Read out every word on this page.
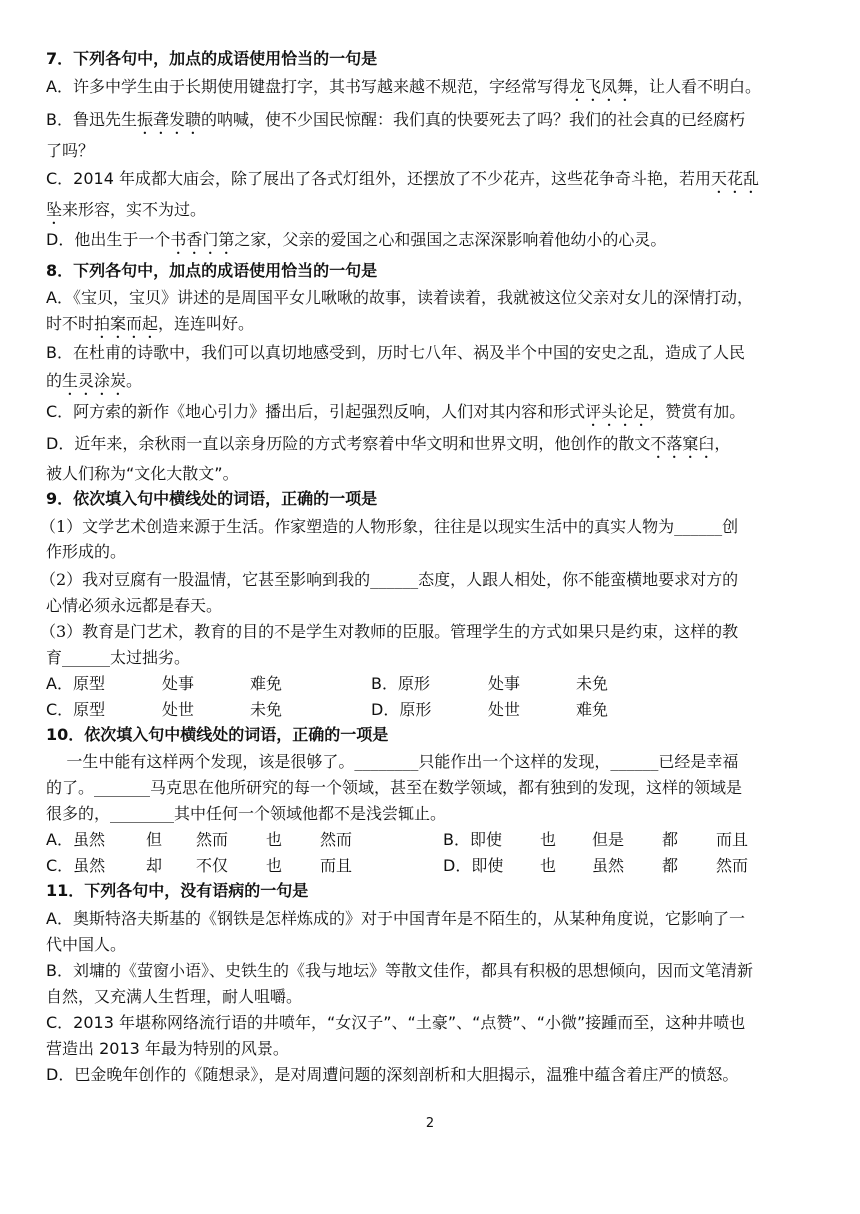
7．下列各句中，加点的成语使用恰当的一句是
A．许多中学生由于长期使用键盘打字，其书写越来越不规范，字经常写得龙飞凤舞，让人看不明白。
B．鲁迅先生振聋发聩的呐喊，使不少国民惊醒：我们真的快要死去了吗？我们的社会真的已经腐朽
了吗？
C．2014 年成都大庙会，除了展出了各式灯组外，还摆放了不少花卉，这些花争奇斗艳，若用天花乱
坠来形容，实不为过。
D．他出生于一个书香门第之家，父亲的爱国之心和强国之志深深影响着他幼小的心灵。
8．下列各句中，加点的成语使用恰当的一句是
A．《宝贝，宝贝》讲述的是周国平女儿啾啾的故事，读着读着，我就被这位父亲对女儿的深情打动，
时不时拍案而起，连连叫好。
B．在杜甫的诗歌中，我们可以真切地感受到，历时七八年、祸及半个中国的安史之乱，造成了人民
的生灵涂炭。
C．阿方索的新作《地心引力》播出后，引起强烈反响，人们对其内容和形式评头论足，赞赏有加。
D．近年来，余秋雨一直以亲身历险的方式考察着中华文明和世界文明，他创作的散文不落窠臼，
被人们称为“文化大散文”。
9．依次填入句中横线处的词语，正确的一项是
（1）文学艺术创造来源于生活。作家塑造的人物形象，往往是以现实生活中的真实人物为______创
作形成的。
（2）我对豆腐有一股温情，它甚至影响到我的______态度，人跟人相处，你不能蛮横地要求对方的
心情必须永远都是春天。
（3）教育是门艺术，教育的目的不是学生对教师的臣服。管理学生的方式如果只是约束，这样的教
育______太过拙劣。
A．原型	处事	难免	B．原形	处事	未免
C．原型	处世	未免	D．原形	处世	难免
10．依次填入句中横线处的词语，正确的一项是
一生中能有这样两个发现，该是很够了。________只能作出一个这样的发现，______已经是幸福
的了。_______马克思在他所研究的每一个领域，甚至在数学领域，都有独到的发现，这样的领域是
很多的，________其中任何一个领域他都不是浅尝辄止。
A．虽然	但 然而 也 然而	B．即使 也 但是 都 而且
C．虽然	却 不仅 也 而且	D．即使 也 虽然 都 然而
11．下列各句中，没有语病的一句是
A．奥斯特洛夫斯基的《钢铁是怎样炼成的》对于中国青年是不陌生的，从某种角度说，它影响了一
代中国人。
B．刘墉的《萤窗小语》、史铁生的《我与地坛》等散文佳作，都具有积极的思想倾向，因而文笔清新
自然，又充满人生哲理，耐人咀嚼。
C．2013 年堪称网络流行语的井喷年，“女汉子”、“土豪”、“点赞”、“小微”接踵而至，这种井喷也
营造出 2013 年最为特别的风景。
D．巴金晚年创作的《随想录》，是对周遭问题的深刻剖析和大胆揭示，温雅中蕴含着庄严的愤怒。
2
